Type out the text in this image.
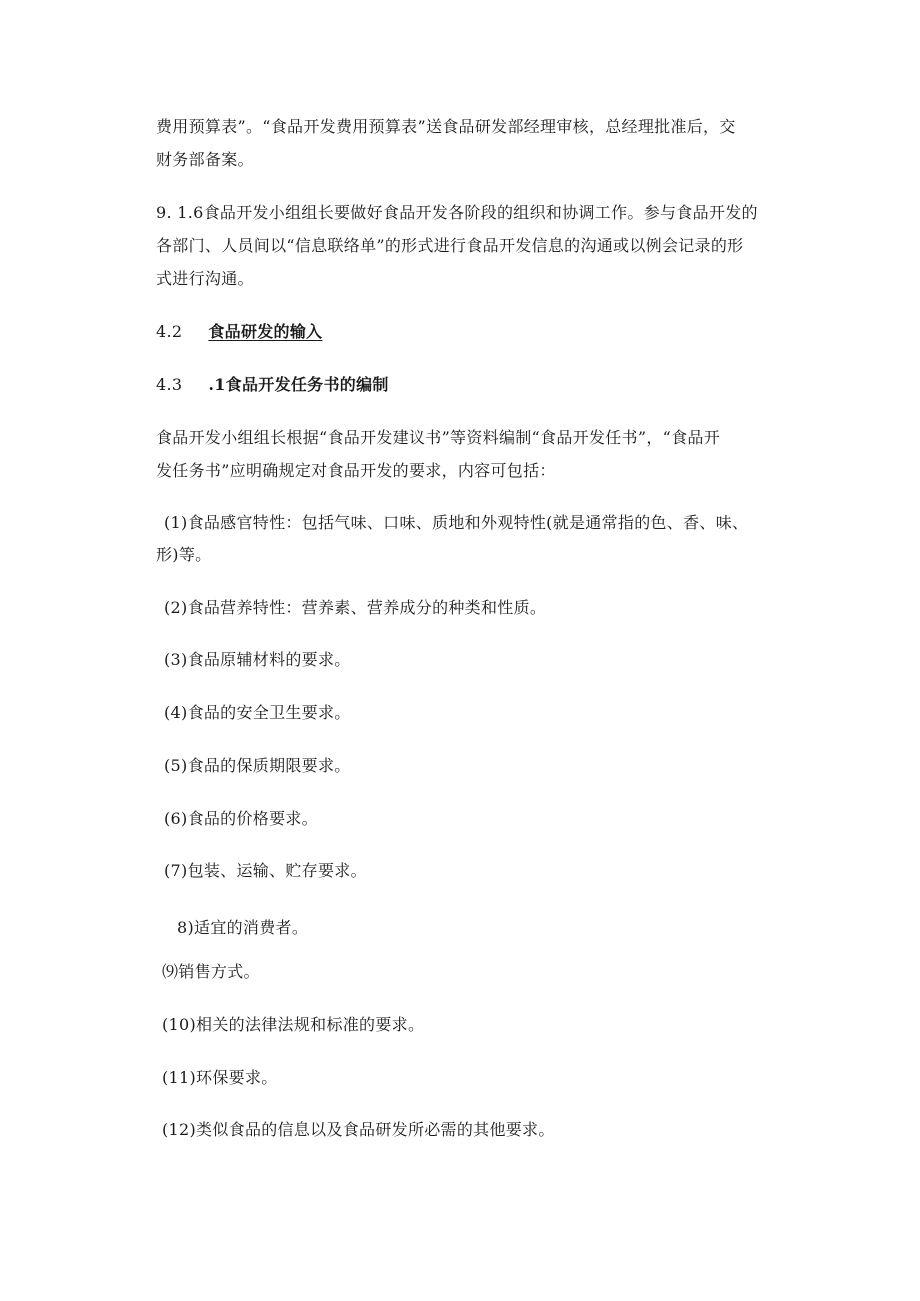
费用预算表”。“食品开发费用预算表”送食品研发部经理审核，总经理批准后，交

财务部备案。

9. 1.6食品开发小组组长要做好食品开发各阶段的组织和协调工作。参与食品开发的

各部门、人员间以“信息联络单”的形式进行食品开发信息的沟通或以例会记录的形

式进行沟通。

4.2 食品研发的输入

4.3 .1食品开发任务书的编制

食品开发小组组长根据“食品开发建议书”等资料编制“食品开发任书”，“食品开

发任务书”应明确规定对食品开发的要求，内容可包括：

(1)食品感官特性：包括气味、口味、质地和外观特性(就是通常指的色、香、味、

形)等。

(2)食品营养特性：营养素、营养成分的种类和性质。

(3)食品原辅材料的要求。

(4)食品的安全卫生要求。

(5)食品的保质期限要求。

(6)食品的价格要求。

(7)包装、运输、贮存要求。

8)适宜的消费者。

⑼销售方式。

(10)相关的法律法规和标准的要求。

(11)环保要求。

(12)类似食品的信息以及食品研发所必需的其他要求。
